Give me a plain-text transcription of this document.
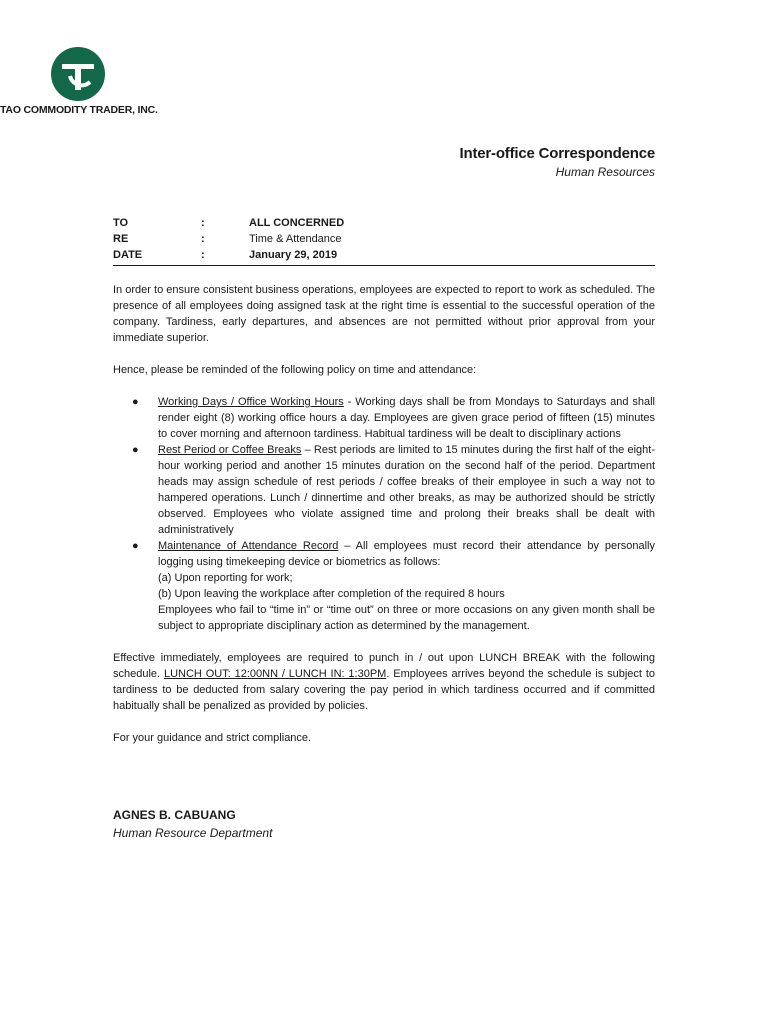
TAO COMMODITY TRADER, INC.
Inter-office Correspondence
Human Resources
TO	:	ALL CONCERNED
RE	:	Time & Attendance
DATE	:	January 29, 2019

In order to ensure consistent business operations, employees are expected to report to work as scheduled. The presence of all employees doing assigned task at the right time is essential to the successful operation of the company. Tardiness, early departures, and absences are not permitted without prior approval from your immediate superior.

Hence, please be reminded of the following policy on time and attendance:

● Working Days / Office Working Hours - Working days shall be from Mondays to Saturdays and shall render eight (8) working office hours a day. Employees are given grace period of fifteen (15) minutes to cover morning and afternoon tardiness. Habitual tardiness will be dealt to disciplinary actions
● Rest Period or Coffee Breaks – Rest periods are limited to 15 minutes during the first half of the eight-hour working period and another 15 minutes duration on the second half of the period. Department heads may assign schedule of rest periods / coffee breaks of their employee in such a way not to hampered operations. Lunch / dinnertime and other breaks, as may be authorized should be strictly observed. Employees who violate assigned time and prolong their breaks shall be dealt with administratively
● Maintenance of Attendance Record – All employees must record their attendance by personally logging using timekeeping device or biometrics as follows:
(a) Upon reporting for work;
(b) Upon leaving the workplace after completion of the required 8 hours
Employees who fail to “time in” or “time out” on three or more occasions on any given month shall be subject to appropriate disciplinary action as determined by the management.

Effective immediately, employees are required to punch in / out upon LUNCH BREAK with the following schedule. LUNCH OUT: 12:00NN / LUNCH IN: 1:30PM. Employees arrives beyond the schedule is subject to tardiness to be deducted from salary covering the pay period in which tardiness occurred and if committed habitually shall be penalized as provided by policies.

For your guidance and strict compliance.

AGNES B. CABUANG
Human Resource Department
